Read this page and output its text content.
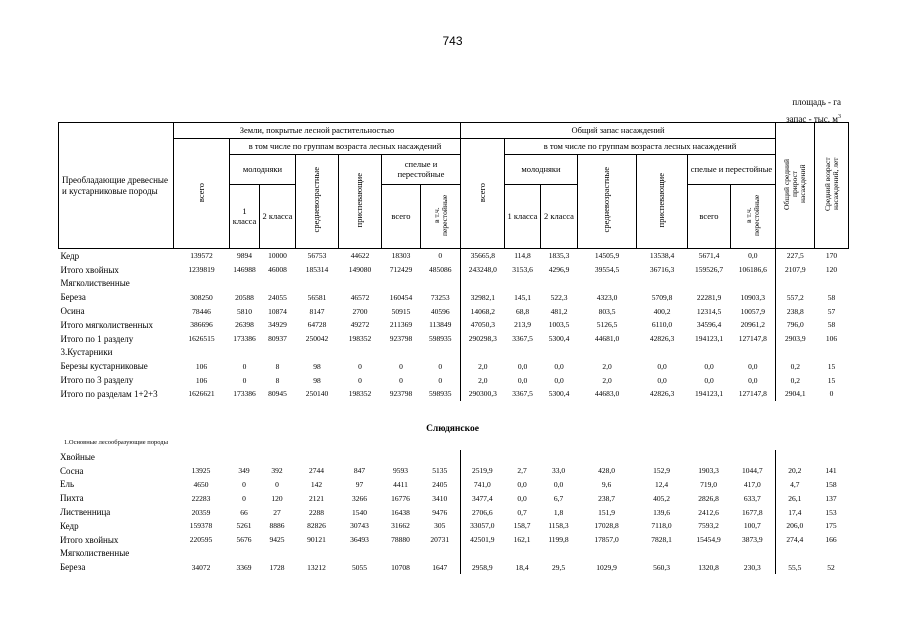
743
площадь - га
запас - тыс. $м^3$
Преобладающие древесные и кустарниковые породы	Земли, покрытые лесной растительностью							Общий запас насаждений							Общий средний прирост насаждений	Средний возраст насаждений, лет
	всего	в том числе по группам возраста лесных насаждений						всего	в том числе по группам возраста лесных насаждений							
		молодняки		средневозрастные	приспевающие	спелые и перестойные			молодняки		средневозрастные	приспевающие	спелые и перестойные			
		1 класса	2 класса			всего	в т.ч. перестойные		1 класса	2 класса			всего	в т.ч. перестойные		
Кедр	139572	9894	10000	56753	44622	18303	0	35665,8	114,8	1835,3	14505,9	13538,4	5671,4	0,0	227,5	170
Итого хвойных	1239819	146988	46008	185314	149080	712429	485086	243248,0	3153,6	4296,9	39554,5	36716,3	159526,7	106186,6	2107,9	120
Мягколиственные																
Береза	308250	20588	24055	56581	46572	160454	73253	32982,1	145,1	522,3	4323,0	5709,8	22281,9	10903,3	557,2	58
Осина	78446	5810	10874	8147	2700	50915	40596	14068,2	68,8	481,2	803,5	400,2	12314,5	10057,9	238,8	57
Итого мягколиственных	386696	26398	34929	64728	49272	211369	113849	47050,3	213,9	1003,5	5126,5	6110,0	34596,4	20961,2	796,0	58
Итого по 1 разделу	1626515	173386	80937	250042	198352	923798	598935	290298,3	3367,5	5300,4	44681,0	42826,3	194123,1	127147,8	2903,9	106
3.Кустарники																
Березы кустарниковые	106	0	8	98	0	0	0	2,0	0,0	0,0	2,0	0,0	0,0	0,0	0,2	15
Итого по 3 разделу	106	0	8	98	0	0	0	2,0	0,0	0,0	2,0	0,0	0,0	0,0	0,2	15
Итого по разделам 1+2+3	1626621	173386	80945	250140	198352	923798	598935	290300,3	3367,5	5300,4	44683,0	42826,3	194123,1	127147,8	2904,1	0
Слюдянское
1.Основные лесообразующие породы
Хвойные																
Сосна	13925	349	392	2744	847	9593	5135	2519,9	2,7	33,0	428,0	152,9	1903,3	1044,7	20,2	141
Ель	4650	0	0	142	97	4411	2405	741,0	0,0	0,0	9,6	12,4	719,0	417,0	4,7	158
Пихта	22283	0	120	2121	3266	16776	3410	3477,4	0,0	6,7	238,7	405,2	2826,8	633,7	26,1	137
Лиственница	20359	66	27	2288	1540	16438	9476	2706,6	0,7	1,8	151,9	139,6	2412,6	1677,8	17,4	153
Кедр	159378	5261	8886	82826	30743	31662	305	33057,0	158,7	1158,3	17028,8	7118,0	7593,2	100,7	206,0	175
Итого хвойных	220595	5676	9425	90121	36493	78880	20731	42501,9	162,1	1199,8	17857,0	7828,1	15454,9	3873,9	274,4	166
Мягколиственные																
Береза	34072	3369	1728	13212	5055	10708	1647	2958,9	18,4	29,5	1029,9	560,3	1320,8	230,3	55,5	52
